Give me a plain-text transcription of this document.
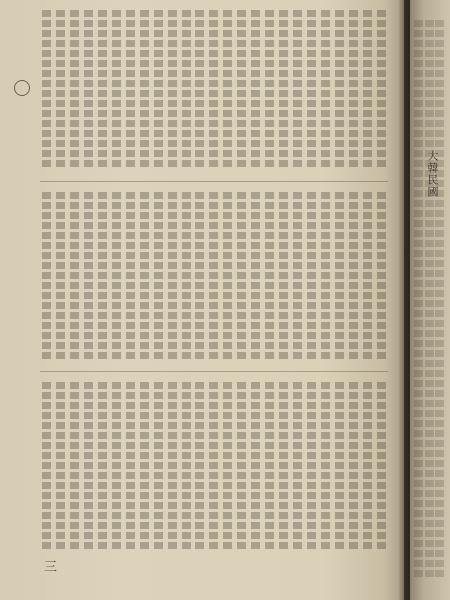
三
大韓民國
